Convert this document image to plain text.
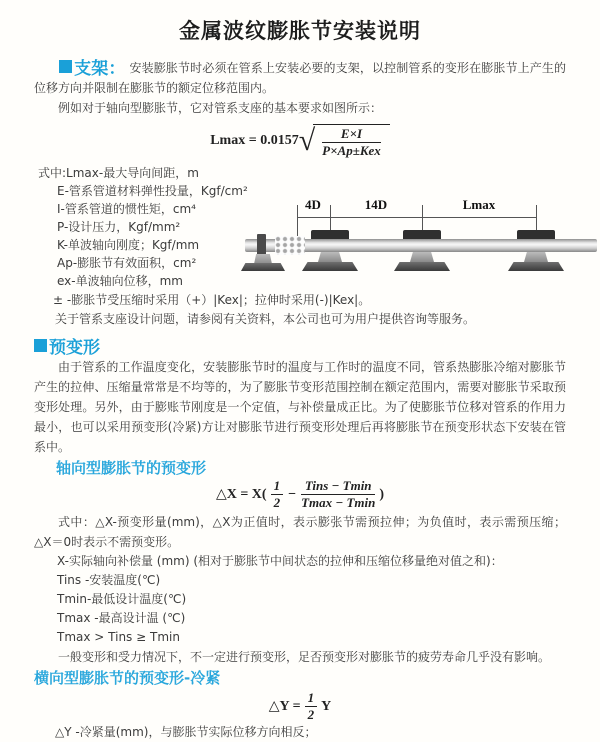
金属波纹膨胀节安装说明

支架： 安装膨胀节时必须在管系上安装必要的支架，以控制管系的变形在膨胀节上产生的位移方向并限制在膨胀节的额定位移范围内。

例如对于轴向型膨胀节，它对管系支座的基本要求如图所示：

Lmax = 0.0157 √ $\frac{E\times I}{\text{P×Ap±Kex}}$

式中:Lmax-最大导向间距，m

E-管系管道材料弹性投量，Kgf/cm²
I-管系管道的惯性矩，cm⁴
P-设计压力，Kgf/mm²
K-单波轴向刚度；Kgf/mm
Ap-膨胀节有效面积，cm²
ex-单波轴向位移，mm
4D	14D	Lmax

± -膨胀节受压缩时采用（+）|Kex|；拉伸时采用(-)|Kex|。

关于管系支座设计问题，请参阅有关资料，本公司也可为用户提供咨询等服务。

预变形

由于管系的工作温度变化，安装膨胀节时的温度与工作时的温度不同，管系热膨胀冷缩对膨胀节产生的拉伸、压缩量常常是不均等的，为了膨胀节变形范围控制在额定范围内，需要对膨胀节采取预变形处理。另外，由于膨账节刚度是一个定值，与补偿量成正比。为了使膨胀节位移对管系的作用力最小，也可以采用预变形(冷紧)方让对膨胀节进行预变形处理后再将膨胀节在预变形状态下安装在管系中。

轴向型膨胀节的预变形
△X = $X( \frac{1}{2} - \frac{\text{Tins − Tmin}}{Tmax - Tmin}$ )

式中：△X-预变形量(mm)，△X为正值时，表示膨张节需预拉伸；为负值时，表示需预压缩；△X＝0时表示不需预变形。

X-实际轴向补偿量 (mm) (相对于膨胀节中间状态的拉伸和压缩位移量绝对值之和)：
Tins -安装温度(℃)
Tmin-最低设计温度(℃)
Tmax -最高设计温 (℃)
Tmax > Tins ≥ Tmin

一般变形和受力情况下，不一定进行预变形，足否预变形对膨胀节的疲劳寿命几乎没有影响。

横向型膨胀节的预变形-冷紧
△Y = $\frac{1}{2}$ Y

△Y -冷紧量(mm)，与膨胀节实际位移方向相反；
